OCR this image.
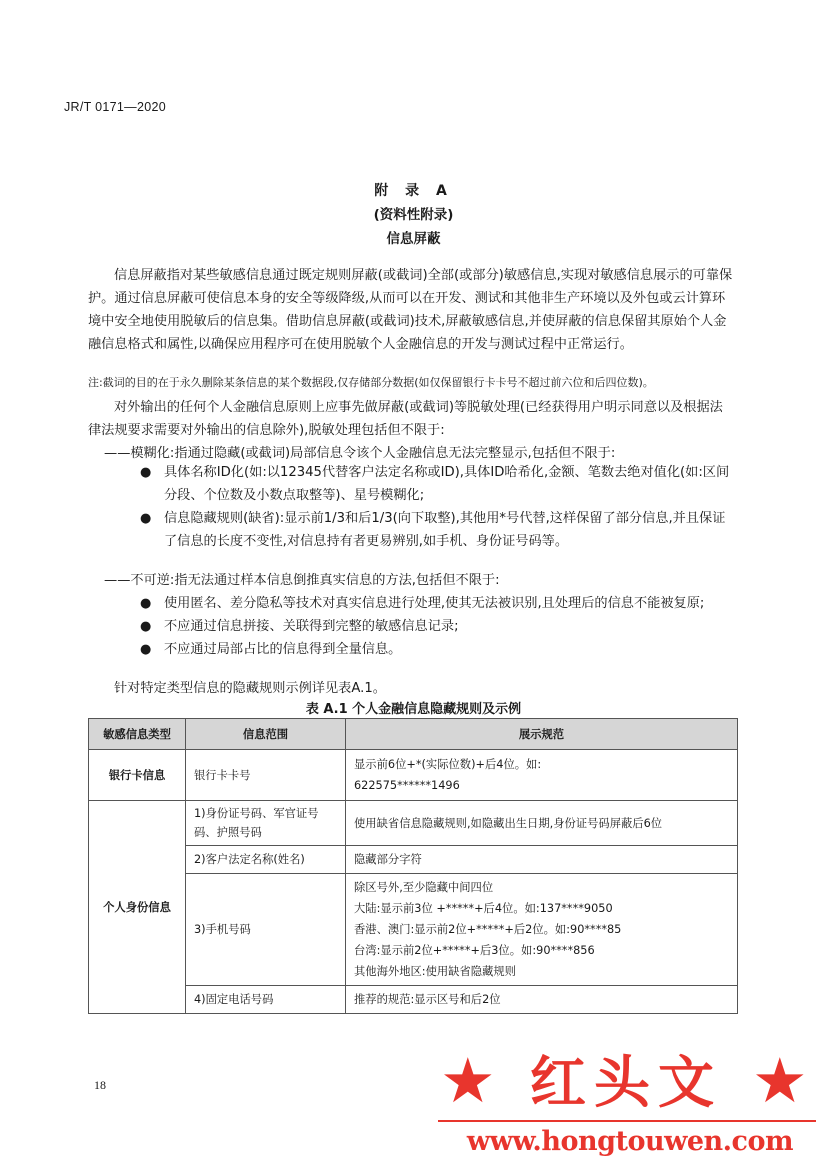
JR/T 0171—2020
附 录 A
(资料性附录)
信息屏蔽
信息屏蔽指对某些敏感信息通过既定规则屏蔽(或截词)全部(或部分)敏感信息,实现对敏感信息展示的可靠保护。通过信息屏蔽可使信息本身的安全等级降级,从而可以在开发、测试和其他非生产环境以及外包或云计算环境中安全地使用脱敏后的信息集。借助信息屏蔽(或截词)技术,屏蔽敏感信息,并使屏蔽的信息保留其原始个人金融信息格式和属性,以确保应用程序可在使用脱敏个人金融信息的开发与测试过程中正常运行。
注:截词的目的在于永久删除某条信息的某个数据段,仅存储部分数据(如仅保留银行卡卡号不超过前六位和后四位数)。
对外输出的任何个人金融信息原则上应事先做屏蔽(或截词)等脱敏处理(已经获得用户明示同意以及根据法律法规要求需要对外输出的信息除外),脱敏处理包括但不限于:
——模糊化:指通过隐藏(或截词)局部信息令该个人金融信息无法完整显示,包括但不限于:
● 具体名称ID化(如:以12345代替客户法定名称或ID),具体ID哈希化,金额、笔数去绝对值化(如:区间分段、个位数及小数点取整等)、星号模糊化;
● 信息隐藏规则(缺省):显示前1/3和后1/3(向下取整),其他用*号代替,这样保留了部分信息,并且保证了信息的长度不变性,对信息持有者更易辨别,如手机、身份证号码等。
——不可逆:指无法通过样本信息倒推真实信息的方法,包括但不限于:
● 使用匿名、差分隐私等技术对真实信息进行处理,使其无法被识别,且处理后的信息不能被复原;
● 不应通过信息拼接、关联得到完整的敏感信息记录;
● 不应通过局部占比的信息得到全量信息。
针对特定类型信息的隐藏规则示例详见表A.1。
表 A.1 个人金融信息隐藏规则及示例
敏感信息类型	信息范围	展示规范
银行卡信息	银行卡卡号	显示前6位+*(实际位数)+后4位。如:
622575******1496

个人身份信息	1)身份证号码、军官证号码、护照号码	使用缺省信息隐藏规则,如隐藏出生日期,身份证号码屏蔽后6位
	2)客户法定名称(姓名)	隐藏部分字符
	3)手机号码	除区号外,至少隐藏中间四位
大陆:显示前3位 +*****+后4位。如:137****9050
香港、澳门:显示前2位+*****+后2位。如:90****85
台湾:显示前2位+*****+后3位。如:90****856
其他海外地区:使用缺省隐藏规则

	4)固定电话号码	推荐的规范:显示区号和后2位
18	★ 红头文 ★
www.hongtouwen.com
